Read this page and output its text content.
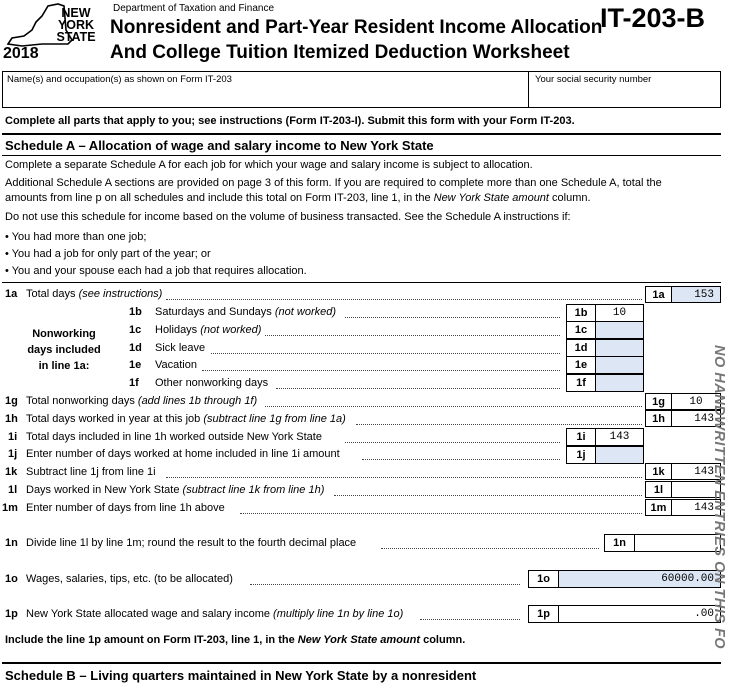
NEW
YORK
STATE
2018
Department of Taxation and Finance
Nonresident and Part-Year Resident Income Allocation
And College Tuition Itemized Deduction Worksheet
IT-203-B
Name(s) and occupation(s) as shown on Form IT-203	Your social security number
Complete all parts that apply to you; see instructions (Form IT-203-I). Submit this form with your Form IT-203.
Schedule A – Allocation of wage and salary income to New York State
Complete a separate Schedule A for each job for which your wage and salary income is subject to allocation.
Additional Schedule A sections are provided on page 3 of this form. If you are required to complete more than one Schedule A, total the
amounts from line p on all schedules and include this total on Form IT-203, line 1, in the New York State amount column.
Do not use this schedule for income based on the volume of business transacted. See the Schedule A instructions if:
• You had more than one job;
• You had a job for only part of the year; or
• You and your spouse each had a job that requires allocation.
1a Total days (see instructions)	1a	153
Nonworking
days included
in line 1a:
1b Saturdays and Sundays (not worked)	1b	10
1c Holidays (not worked)	1c
1d Sick leave	1d
1e Vacation	1e
1f Other nonworking days	1f
1g Total nonworking days (add lines 1b through 1f)	1g	10
1h Total days worked in year at this job (subtract line 1g from line 1a)	1h	143
1i Total days included in line 1h worked outside New York State	1i	143
1j Enter number of days worked at home included in line 1i amount	1j
1k Subtract line 1j from line 1i	1k	143
1l Days worked in New York State (subtract line 1k from line 1h)	1l
1m Enter number of days from line 1h above	1m	143
1n Divide line 1l by line 1m; round the result to the fourth decimal place	1n
1o Wages, salaries, tips, etc. (to be allocated)	1o	60000.00
1p New York State allocated wage and salary income (multiply line 1n by line 1o)	1p	.00
Include the line 1p amount on Form IT-203, line 1, in the New York State amount column.
Schedule B – Living quarters maintained in New York State by a nonresident
NO HANDWRITTEN ENTRIES ON THIS FO
